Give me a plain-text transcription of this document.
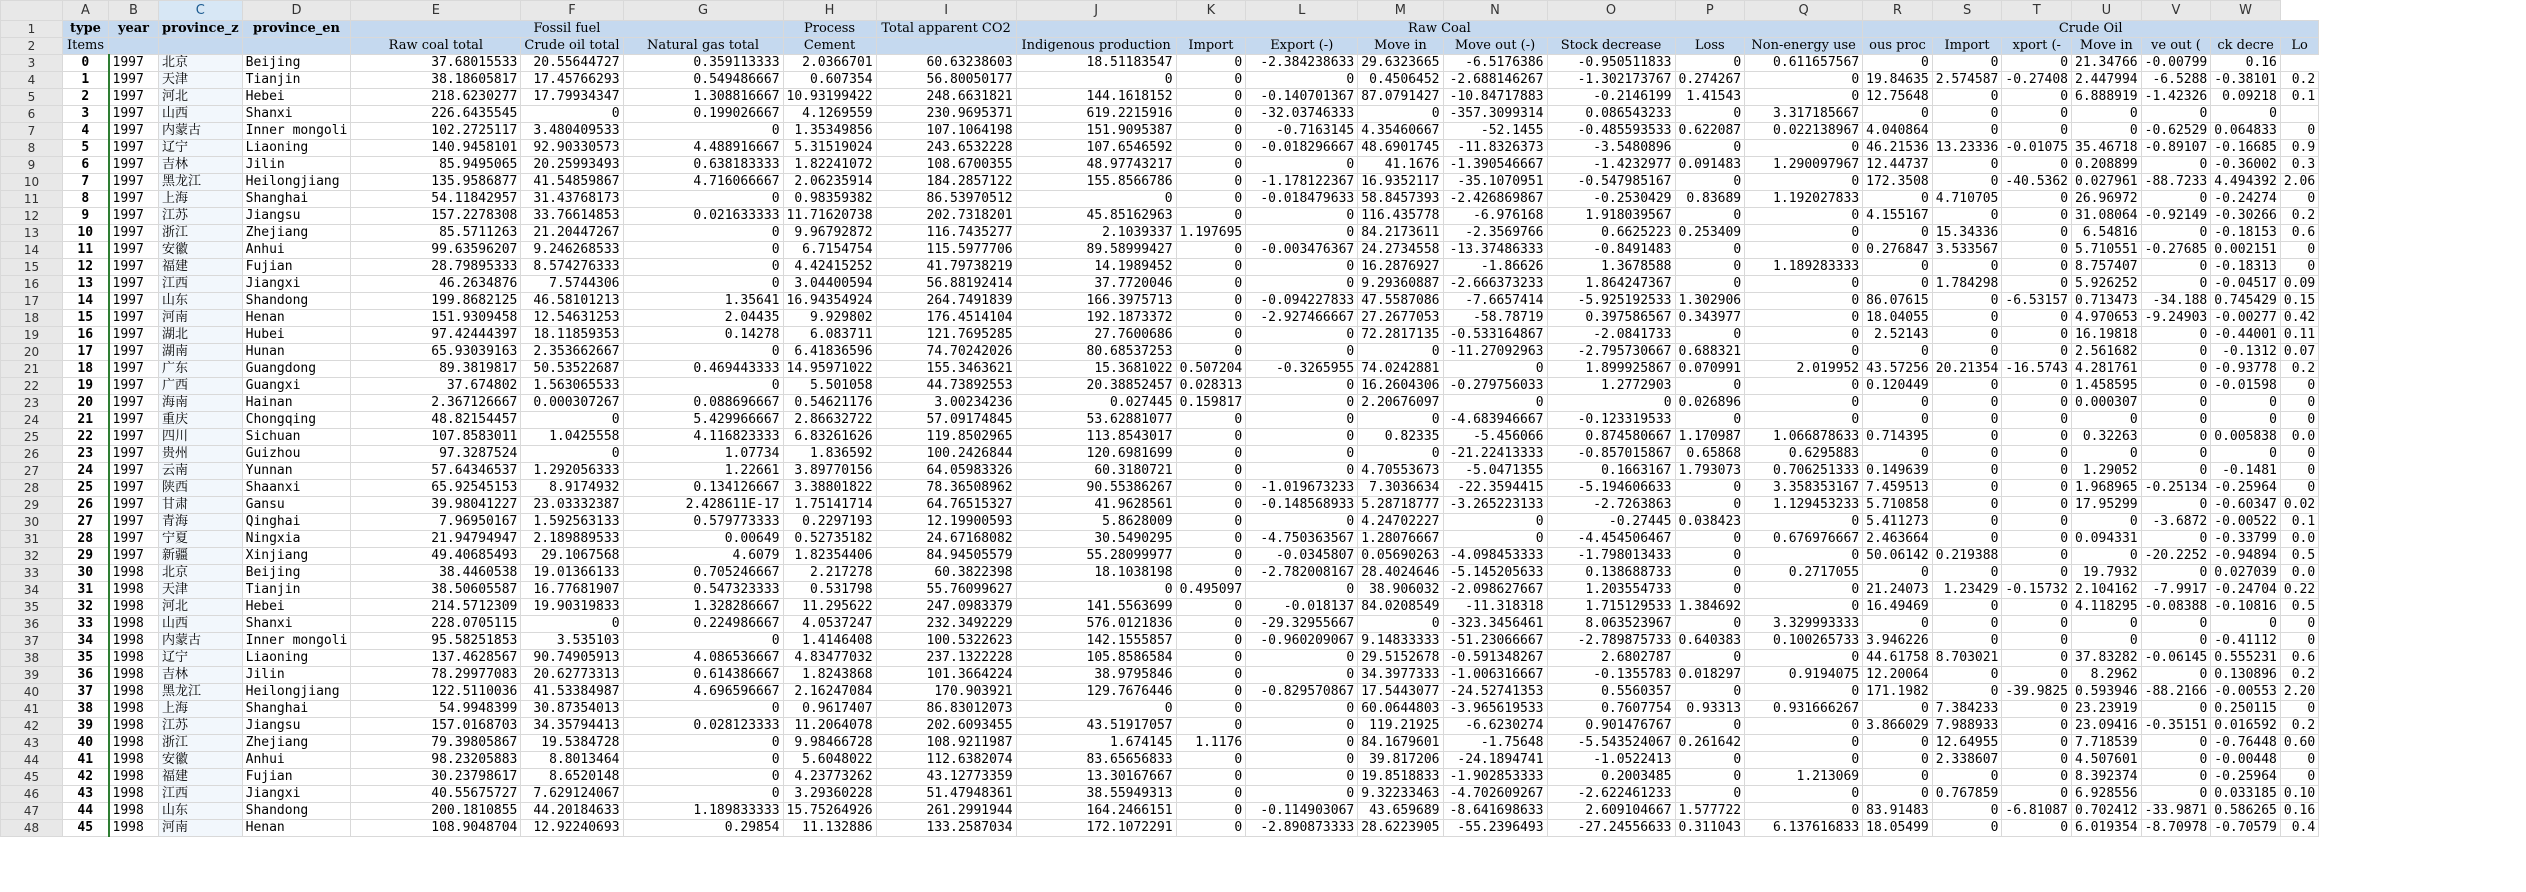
	A	B	C	D	E	F	G	H	I	J	K	L	M	N	O	P	Q	R	S	T	U	V	W	
1	type	year	province_z	province_en	Fossil fuel			Process	Total apparent CO2	Raw Coal								Crude Oil						
2	Items				Raw coal total	Crude oil total	Natural gas total	Cement		Indigenous production	Import	Export (-)	Move in	Move out (-)	Stock decrease	Loss	Non-energy use	ous proc	Import	xport (-	Move in	ve out (	ck decre	Lo
3	0	1997	北京	Beijing	37.68015533	20.55644727	0.359113333	2.0366701	60.63238603	18.51183547	0	-2.384238633	29.6323665	-6.5176386	-0.950511833	0	0.611657567	0	0	0	21.34766	-0.00799	0.16	
4	1	1997	天津	Tianjin	38.18605817	17.45766293	0.549486667	0.607354	56.80050177	0	0	0	0.4506452	-2.688146267	-1.302173767	0.274267	0	19.84635	2.574587	-0.27408	2.447994	-6.5288	-0.38101	0.2
5	2	1997	河北	Hebei	218.6230277	17.79934347	1.308816667	10.93199422	248.6631821	144.1618152	0	-0.140701367	87.0791427	-10.84717883	-0.2146199	1.41543	0	12.75648	0	0	6.888919	-1.42326	0.09218	0.1
6	3	1997	山西	Shanxi	226.6435545	0	0.199026667	4.1269559	230.9695371	619.2215916	0	-32.03746333	0	-357.3099314	0.086543233	0	3.317185667	0	0	0	0	0	0	
7	4	1997	内蒙古	Inner mongoli	102.2725117	3.480409533	0	1.35349856	107.1064198	151.9095387	0	-0.7163145	4.35460667	-52.1455	-0.485593533	0.622087	0.022138967	4.040864	0	0	0	-0.62529	0.064833	0
8	5	1997	辽宁	Liaoning	140.9458101	92.90330573	4.488916667	5.31519024	243.6532228	107.6546592	0	-0.018296667	48.6901745	-11.8326373	-3.5480896	0	0	46.21536	13.23336	-0.01075	35.46718	-0.89107	-0.16685	0.9
9	6	1997	吉林	Jilin	85.9495065	20.25993493	0.638183333	1.82241072	108.6700355	48.97743217	0	0	41.1676	-1.390546667	-1.4232977	0.091483	1.290097967	12.44737	0	0	0.208899	0	-0.36002	0.3
10	7	1997	黑龙江	Heilongjiang	135.9586877	41.54859867	4.716066667	2.06235914	184.2857122	155.8566786	0	-1.178122367	16.9352117	-35.1070951	-0.547985167	0	0	172.3508	0	-40.5362	0.027961	-88.7233	4.494392	2.06
11	8	1997	上海	Shanghai	54.11842957	31.43768173	0	0.98359382	86.53970512	0	0	-0.018479633	58.8457393	-2.426869867	-0.2530429	0.83689	1.192027833	0	4.710705	0	26.96972	0	-0.24274	0
12	9	1997	江苏	Jiangsu	157.2278308	33.76614853	0.021633333	11.71620738	202.7318201	45.85162963	0	0	116.435778	-6.976168	1.918039567	0	0	4.155167	0	0	31.08064	-0.92149	-0.30266	0.2
13	10	1997	浙江	Zhejiang	85.5711263	21.20447267	0	9.96792872	116.7435277	2.1039337	1.197695	0	84.2173611	-2.3569766	0.6625223	0.253409	0	0	15.34336	0	6.54816	0	-0.18153	0.6
14	11	1997	安徽	Anhui	99.63596207	9.246268533	0	6.7154754	115.5977706	89.58999427	0	-0.003476367	24.2734558	-13.37486333	-0.8491483	0	0	0.276847	3.533567	0	5.710551	-0.27685	0.002151	0
15	12	1997	福建	Fujian	28.79895333	8.574276333	0	4.42415252	41.79738219	14.1989452	0	0	16.2876927	-1.86626	1.3678588	0	1.189283333	0	0	0	8.757407	0	-0.18313	0
16	13	1997	江西	Jiangxi	46.2634876	7.5744306	0	3.04400594	56.88192414	37.7720046	0	0	9.29360887	-2.666373233	1.864247367	0	0	0	1.784298	0	5.926252	0	-0.04517	0.09
17	14	1997	山东	Shandong	199.8682125	46.58101213	1.35641	16.94354924	264.7491839	166.3975713	0	-0.094227833	47.5587086	-7.6657414	-5.925192533	1.302906	0	86.07615	0	-6.53157	0.713473	-34.188	0.745429	0.15
18	15	1997	河南	Henan	151.9309458	12.54631253	2.04435	9.929802	176.4514104	192.1873372	0	-2.927466667	27.2677053	-58.78719	0.397586567	0.343977	0	18.04055	0	0	4.970653	-9.24903	-0.00277	0.42
19	16	1997	湖北	Hubei	97.42444397	18.11859353	0.14278	6.083711	121.7695285	27.7600686	0	0	72.2817135	-0.533164867	-2.0841733	0	0	2.52143	0	0	16.19818	0	-0.44001	0.11
20	17	1997	湖南	Hunan	65.93039163	2.353662667	0	6.41836596	74.70242026	80.68537253	0	0	0	-11.27092963	-2.795730667	0.688321	0	0	0	0	2.561682	0	-0.1312	0.07
21	18	1997	广东	Guangdong	89.3819817	50.53522687	0.469443333	14.95971022	155.3463621	15.3681022	0.507204	-0.3265955	74.0242881	0	1.899925867	0.070991	2.019952	43.57256	20.21354	-16.5743	4.281761	0	-0.93778	0.2
22	19	1997	广西	Guangxi	37.674802	1.563065533	0	5.501058	44.73892553	20.38852457	0.028313	0	16.2604306	-0.279756033	1.2772903	0	0	0.120449	0	0	1.458595	0	-0.01598	0
23	20	1997	海南	Hainan	2.367126667	0.000307267	0.088696667	0.54621176	3.00234236	0.027445	0.159817	0	2.20676097	0	0	0.026896	0	0	0	0	0.000307	0	0	0
24	21	1997	重庆	Chongqing	48.82154457	0	5.429966667	2.86632722	57.09174845	53.62881077	0	0	0	-4.683946667	-0.123319533	0	0	0	0	0	0	0	0	0
25	22	1997	四川	Sichuan	107.8583011	1.0425558	4.116823333	6.83261626	119.8502965	113.8543017	0	0	0.82335	-5.456066	0.874580667	1.170987	1.066878633	0.714395	0	0	0.32263	0	0.005838	0.0
26	23	1997	贵州	Guizhou	97.3287524	0	1.07734	1.836592	100.2426844	120.6981699	0	0	0	-21.22413333	-0.857015867	0.65868	0.6295883	0	0	0	0	0	0	0
27	24	1997	云南	Yunnan	57.64346537	1.292056333	1.22661	3.89770156	64.05983326	60.3180721	0	0	4.70553673	-5.0471355	0.1663167	1.793073	0.706251333	0.149639	0	0	1.29052	0	-0.1481	0
28	25	1997	陕西	Shaanxi	65.92545153	8.9174932	0.134126667	3.38801822	78.36508962	90.55386267	0	-1.019673233	7.3036634	-22.3594415	-5.194606633	0	3.358353167	7.459513	0	0	1.968965	-0.25134	-0.25964	0
29	26	1997	甘肃	Gansu	39.98041227	23.03332387	2.428611E-17	1.75141714	64.76515327	41.9628561	0	-0.148568933	5.28718777	-3.265223133	-2.7263863	0	1.129453233	5.710858	0	0	17.95299	0	-0.60347	0.02
30	27	1997	青海	Qinghai	7.96950167	1.592563133	0.579773333	0.2297193	12.19900593	5.8628009	0	0	4.24702227	0	-0.27445	0.038423	0	5.411273	0	0	0	-3.6872	-0.00522	0.1
31	28	1997	宁夏	Ningxia	21.94794947	2.189889533	0.00649	0.52735182	24.67168082	30.5490295	0	-4.750363567	1.28076667	0	-4.454506467	0	0.676976667	2.463664	0	0	0.094331	0	-0.33799	0.0
32	29	1997	新疆	Xinjiang	49.40685493	29.1067568	4.6079	1.82354406	84.94505579	55.28099977	0	-0.0345807	0.05690263	-4.098453333	-1.798013433	0	0	50.06142	0.219388	0	0	-20.2252	-0.94894	0.5
33	30	1998	北京	Beijing	38.4460538	19.01366133	0.705246667	2.217278	60.3822398	18.1038198	0	-2.782008167	28.4024646	-5.145205633	0.138688733	0	0.2717055	0	0	0	19.7932	0	0.027039	0.0
34	31	1998	天津	Tianjin	38.50605587	16.77681907	0.547323333	0.531798	55.76099627	0	0.495097	0	38.906032	-2.098627667	1.203554733	0	0	21.24073	1.23429	-0.15732	2.104162	-7.9917	-0.24704	0.22
35	32	1998	河北	Hebei	214.5712309	19.90319833	1.328286667	11.295622	247.0983379	141.5563699	0	-0.018137	84.0208549	-11.318318	1.715129533	1.384692	0	16.49469	0	0	4.118295	-0.08388	-0.10816	0.5
36	33	1998	山西	Shanxi	228.0705115	0	0.224986667	4.0537247	232.3492229	576.0121836	0	-29.32955667	0	-323.3456461	8.063523967	0	3.329993333	0	0	0	0	0	0	0
37	34	1998	内蒙古	Inner mongoli	95.58251853	3.535103	0	1.4146408	100.5322623	142.1555857	0	-0.960209067	9.14833333	-51.23066667	-2.789875733	0.640383	0.100265733	3.946226	0	0	0	0	-0.41112	0
38	35	1998	辽宁	Liaoning	137.4628567	90.74905913	4.086536667	4.83477032	237.1322228	105.8586584	0	0	29.5152678	-0.591348267	2.6802787	0	0	44.61758	8.703021	0	37.83282	-0.06145	0.555231	0.6
39	36	1998	吉林	Jilin	78.29977083	20.62773313	0.614386667	1.8243868	101.3664224	38.9795846	0	0	34.3977333	-1.006316667	-0.1355783	0.018297	0.9194075	12.20064	0	0	8.2962	0	0.130896	0.2
40	37	1998	黑龙江	Heilongjiang	122.5110036	41.53384987	4.696596667	2.16247084	170.903921	129.7676446	0	-0.829570867	17.5443077	-24.52741353	0.5560357	0	0	171.1982	0	-39.9825	0.593946	-88.2166	-0.00553	2.20
41	38	1998	上海	Shanghai	54.9948399	30.87354013	0	0.9617407	86.83012073	0	0	0	60.0644803	-3.965619533	0.7607754	0.93313	0.931666267	0	7.384233	0	23.23919	0	0.250115	0
42	39	1998	江苏	Jiangsu	157.0168703	34.35794413	0.028123333	11.2064078	202.6093455	43.51917057	0	0	119.21925	-6.6230274	0.901476767	0	0	3.866029	7.988933	0	23.09416	-0.35151	0.016592	0.2
43	40	1998	浙江	Zhejiang	79.39805867	19.5384728	0	9.98466728	108.9211987	1.674145	1.1176	0	84.1679601	-1.75648	-5.543524067	0.261642	0	0	12.64955	0	7.718539	0	-0.76448	0.60
44	41	1998	安徽	Anhui	98.23205883	8.8013464	0	5.6048022	112.6382074	83.65656833	0	0	39.817206	-24.1894741	-1.0522413	0	0	0	2.338607	0	4.507601	0	-0.00448	0
45	42	1998	福建	Fujian	30.23798617	8.6520148	0	4.23773262	43.12773359	13.30167667	0	0	19.8518833	-1.902853333	0.2003485	0	1.213069	0	0	0	8.392374	0	-0.25964	0
46	43	1998	江西	Jiangxi	40.55675727	7.629124067	0	3.29360228	51.47948361	38.55949313	0	0	9.32233463	-4.702609267	-2.622461233	0	0	0	0.767859	0	6.928556	0	0.033185	0.10
47	44	1998	山东	Shandong	200.1810855	44.20184633	1.189833333	15.75264926	261.2991944	164.2466151	0	-0.114903067	43.659689	-8.641698633	2.609104667	1.577722	0	83.91483	0	-6.81087	0.702412	-33.9871	0.586265	0.16
48	45	1998	河南	Henan	108.9048704	12.92240693	0.29854	11.132886	133.2587034	172.1072291	0	-2.890873333	28.6223905	-55.2396493	-27.24556633	0.311043	6.137616833	18.05499	0	0	6.019354	-8.70978	-0.70579	0.4
